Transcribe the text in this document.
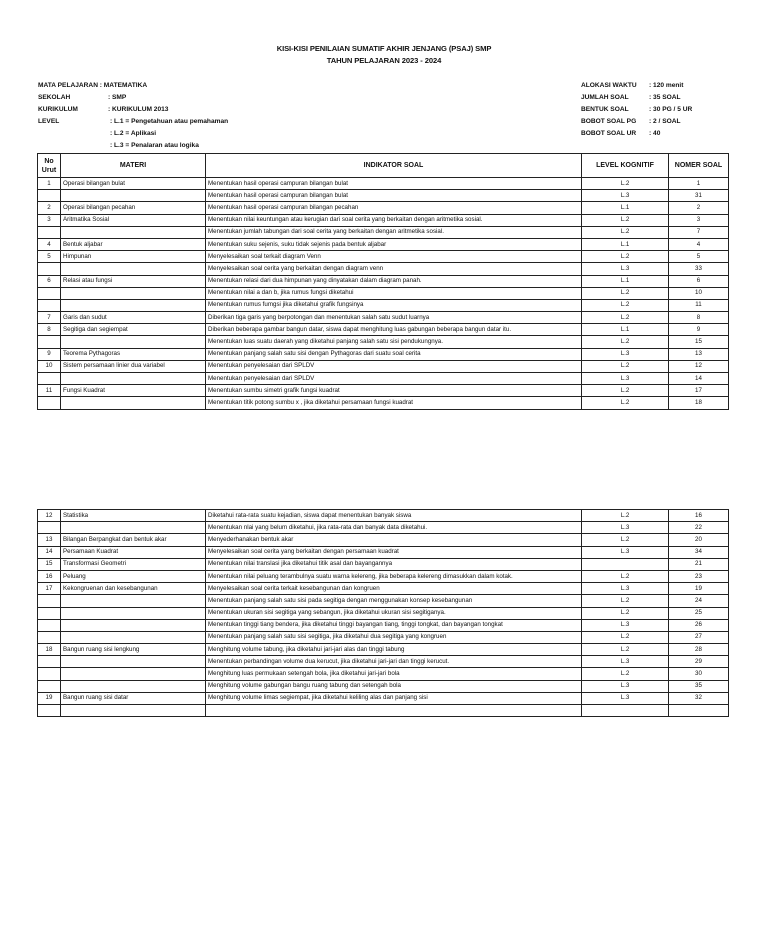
KISI-KISI PENILAIAN SUMATIF AKHIR JENJANG (PSAJ) SMP
TAHUN PELAJARAN 2023 - 2024
MATA PELAJARAN : MATEMATIKA
SEKOLAH	: SMP
KURIKULUM	: KURIKULUM 2013
LEVEL	: L.1 = Pengetahuan atau pemahaman
: L.2 = Aplikasi
: L.3 = Penalaran atau logika
ALOKASI WAKTU : 120 menit
JUMLAH SOAL	: 35 SOAL
BENTUK SOAL	: 30 PG / 5 UR
BOBOT SOAL PG : 2 / SOAL
BOBOT SOAL UR : 40
No Urut	MATERI	INDIKATOR SOAL	LEVEL KOGNITIF	NOMER SOAL
1	Operasi bilangan bulat	Menentukan hasil operasi campuran bilangan bulat	L.2	1
		Menentukan hasil operasi campuran bilangan bulat	L.3	31
2	Operasi bilangan pecahan	Menentukan hasil operasi campuran bilangan pecahan	L.1	2
3	Aritmatika Sosial	Menentukan nilai keuntungan atau kerugian dari soal cerita yang berkaitan dengan aritmetika sosial.	L.2	3
		Menentukan jumlah tabungan dari soal cerita yang berkaitan dengan aritmetika sosial.	L.2	7
4	Bentuk aljabar	Menentukan suku sejenis, suku tidak sejenis pada bentuk aljabar	L.1	4
5	Himpunan	Menyelesaikan soal terkait diagram Venn	L.2	5
		Menyelesaikan soal cerita yang berkaitan dengan diagram venn	L.3	33
6	Relasi atau fungsi	Menentukan relasi dari dua himpunan yang dinyatakan dalam diagram panah.	L.1	6
		Menentukan nilai a dan b, jika rumus fungsi diketahui	L.2	10
		Menentukan rumus fumgsi jika diketahui grafik fungsinya	L.2	11
7	Garis dan sudut	Diberikan tiga garis yang berpotongan dan menentukan salah satu sudut luarnya	L.2	8
8	Segitiga dan segiempat	Diberikan beberapa gambar bangun datar, siswa dapat menghitung luas gabungan beberapa bangun datar itu.	L.1	9
		Menentukan luas suatu daerah yang diketahui panjang salah satu sisi pendukungnya.	L.2	15
9	Teorema Pythagoras	Menentukan panjang salah satu sisi dengan Pythagoras dari suatu soal cerita	L.3	13
10	Sistem persamaan linier dua variabel	Menentukan penyelesaian dari SPLDV	L.2	12
		Menentukan penyelesaian dari SPLDV	L.3	14
11	Fungsi Kuadrat	Menentukan sumbu simetri grafik fungsi kuadrat	L.2	17
		Menentukan titik potong sumbu x , jika diketahui persamaan fungsi kuadrat	L.2	18
12	Statistika	Diketahui rata-rata suatu kejadian, siswa dapat menentukan banyak siswa	L.2	16
		Menentukan nlai yang belum diketahui, jika rata-rata dan banyak data diketahui.	L.3	22
13	Bilangan Berpangkat dan bentuk akar	Menyederhanakan bentuk akar	L.2	20
14	Persamaan Kuadrat	Menyelesaikan soal cerita yang berkaitan dengan persamaan kuadrat	L.3	34
15	Transformasi Geometri	Menentukan nilai translasi jika diketahui titik asal dan bayangannya		21
16	Peluang	Menentukan nilai peluang terambulnya suatu warna kelereng, jika beberapa kelereng dimasukkan dalam kotak.	L.2	23
17	Kekongruenan dan kesebangunan	Menyelesaikan soal cerita terkait kesebangunan dan kongruen	L.3	19
		Menentukan panjang salah satu sisi pada segitiga dengan menggunakan konsep kesebangunan	L.2	24
		Menentukan ukuran sisi segitiga yang sebangun, jika diketahui ukuran sisi segitiganya.	L.2	25
		Menentukan tinggi tiang bendera, jika diketahui tinggi bayangan tiang, tinggi tongkat, dan bayangan tongkat	L.3	26
		Menentukan panjang salah satu sisi segitiga, jika diketahui dua segitiga yang kongruen	L.2	27
18	Bangun ruang sisi lengkung	Menghitung volume tabung, jika diketahui jari-jari alas dan tinggi tabung	L.2	28
		Menentukan perbandingan volume dua kerucut, jika diketahui jari-jari dan tinggi kerucut.	L.3	29
		Menghitung luas permukaan setengah bola, jika diketahui jari-jari bola	L.2	30
		Menghitung volume gabungan bangu ruang tabung dan setengah bola	L.3	35
19	Bangun ruang sisi datar	Menghitung volume limas segiempat, jika diketahui keliling alas dan panjang sisi	L.3	32
